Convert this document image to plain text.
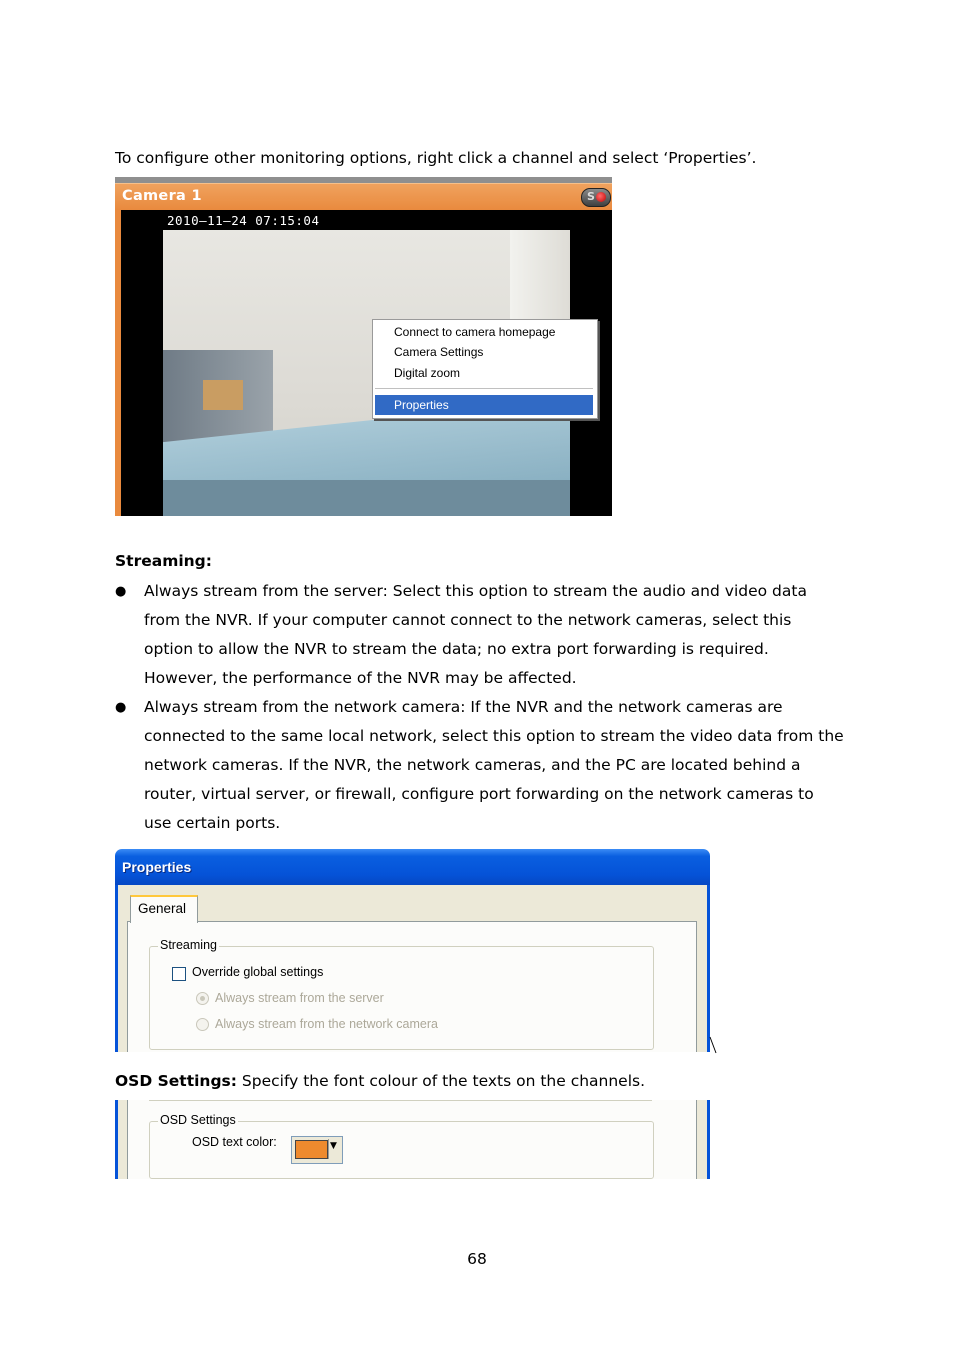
To configure other monitoring options, right click a channel and select ‘Properties’.
Camera 1	S
2010–11–24 07:15:04
Connect to camera homepage
Camera Settings
Digital zoom
Properties
Streaming:
● Always stream from the server: Select this option to stream the audio and video data from the NVR. If your computer cannot connect to the network cameras, select this option to allow the NVR to stream the data; no extra port forwarding is required. However, the performance of the NVR may be affected.
● Always stream from the network camera: If the NVR and the network cameras are connected to the same local network, select this option to stream the video data from the network cameras. If the NVR, the network cameras, and the PC are located behind a router, virtual server, or firewall, configure port forwarding on the network cameras to use certain ports.
Properties
Streaming
Override global settings
Always stream from the server
Always stream from the network camera
General
OSD Settings: Specify the font colour of the texts on the channels.
OSD Settings
OSD text color:	▼
68
